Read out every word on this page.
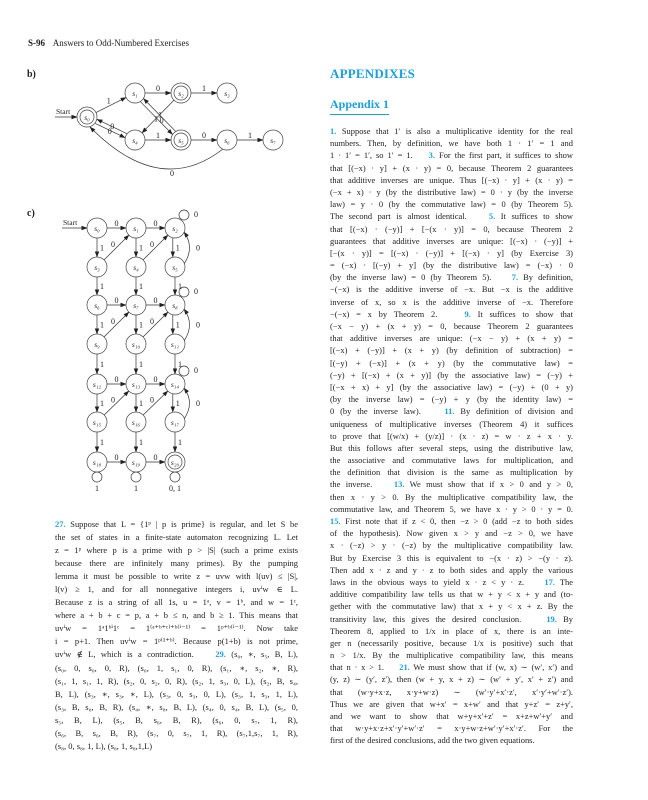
S-96 Answers to Odd-Numbered Exercises
b)
Start
1
0	1
1
1 0
0
0
1	0	1
0
s₀
s₁	s₂	s₃
s₄	s₅	s₆	s₇
c)
Start	0	0
0
1	1	1
0	0	0
1	1	1
0	0
0
1	1	1
0	0	0
1	1	1
0	0
0
1	1	1
0	0	0
1	1	1
0	0
1	1	0, 1
s₀	s₁	s₂
s₃	s₄	s₅
s₆	s₇	s₈
s₉	s₁₀	s₁₁
s₁₂	s₁₃	s₁₄
s₁₅	s₁₆	s₁₇
s₁₈	s₁₉	s₂₀
APPENDIXES
Appendix 1
27. Suppose that L = {1ᵖ | p is prime} is regular, and let S be
the set of states in a finite-state automaton recognizing L. Let
z = 1ᵖ where p is a prime with p > |S| (such a prime exists
because there are infinitely many primes). By the pumping
lemma it must be possible to write z = uvw with l(uv) ≤ |S|,
l(v) ≥ 1, and for all nonnegative integers i, uvⁱw ∈ L.
Because z is a string of all 1s, u = 1ᵃ, v = 1ᵇ, and w = 1ᶜ,
where a + b + c = p, a + b ≤ n, and b ≥ 1. This means that
uvⁱw = 1ᵃ1ᵇⁱ1ᶜ = 1⁽ᵃ⁺ᵇ⁺ᶜ⁾⁺ᵇ⁽ⁱ⁻¹⁾ = 1ᵖ⁺ᵇ⁽ⁱ⁻¹⁾. Now take
i = p+1. Then uvⁱw = 1ᵖ⁽¹⁺ᵇ⁾. Because p(1+b) is not prime,
uvⁱw ∉ L, which is a contradiction.    29. (s₀, ∗, s₅, B, L),
(s₀, 0, s₀, 0, R), (s₀, 1, s₁, 0, R), (s₁, ∗, s₂, ∗, R),
(s₁, 1, s₁, 1, R), (s₂, 0, s₂, 0, R), (s₂, 1, s₃, 0, L), (s₂, B, s₄,
B, L), (s₃, ∗, s₃, ∗, L), (s₃, 0, s₃, 0, L), (s₃, 1, s₃, 1, L),
(s₃, B, s₀, B, R), (s₄, ∗, s₈, B, L), (s₄, 0, s₄, B, L), (s₅, 0,
s₅, B, L), (s₅, B, s₆, B, R), (s₆, 0, s₇, 1, R),
(s₆, B, s₆, B, R), (s₇, 0, s₇, 1, R), (s₇,1,s₇, 1, R),
(s₈, 0, s₈, 1, L), (s₈, 1, s₈,1,L)
1. Suppose that 1′ is also a multiplicative identity for the real
numbers. Then, by definition, we have both 1 · 1′ = 1 and
1 · 1′ = 1′, so 1′ = 1.    3. For the first part, it suffices to show
that [(−x) · y] + (x · y) = 0, because Theorem 2 guarantees
that additive inverses are unique. Thus [(−x) · y] + (x · y) =
(−x + x) · y (by the distributive law) = 0 · y (by the inverse
law) = y · 0 (by the commutative law) = 0 (by Theorem 5).
The second part is almost identical.    5. It suffices to show
that [(−x) · (−y)] + [−(x · y)] = 0, because Theorem 2
guarantees that additive inverses are unique: [(−x) · (−y)] +
[−(x · y)] = [(−x) · (−y)] + [(−x) · y] (by Exercise 3)
= (−x) · [(−y) + y] (by the distributive law) = (−x) · 0
(by the inverse law) = 0 (by Theorem 5).    7. By definition,
−(−x) is the additive inverse of −x. But −x is the additive
inverse of x, so x is the additive inverse of −x. Therefore
−(−x) = x by Theorem 2.    9. It suffices to show that
(−x − y) + (x + y) = 0, because Theorem 2 guarantees
that additive inverses are unique: (−x − y) + (x + y) =
[(−x) + (−y)] + (x + y) (by definition of subtraction) =
[(−y) + (−x)] + (x + y) (by the commutative law) =
(−y) + [(−x) + (x + y)] (by the associative law) = (−y) +
[(−x + x) + y] (by the associative law) = (−y) + (0 + y)
(by the inverse law) = (−y) + y (by the identity law) =
0 (by the inverse law).    11. By definition of division and
uniqueness of multiplicative inverses (Theorem 4) it suffices
to prove that [(w/x) + (y/z)] · (x · z) = w · z + x · y.
But this follows after several steps, using the distributive law,
the associative and commutative laws for multiplication, and
the definition that division is the same as multiplication by
the inverse.    13. We must show that if x > 0 and y > 0,
then x · y > 0. By the multiplicative compatibility law, the
commutative law, and Theorem 5, we have x · y > 0 · y = 0.
15. First note that if z < 0, then −z > 0 (add −z to both sides
of the hypothesis). Now given x > y and −z > 0, we have
x · (−z) > y · (−z) by the multiplicative compatibility law.
But by Exercise 3 this is equivalent to −(x · z) > −(y · z).
Then add x · z and y · z to both sides and apply the various
laws in the obvious ways to yield x · z < y · z.    17. The
additive compatibility law tells us that w + y < x + y and (to-
gether with the commutative law) that x + y < x + z. By the
transitivity law, this gives the desired conclusion.    19. By
Theorem 8, applied to 1/x in place of x, there is an inte-
ger n (necessarily positive, because 1/x is positive) such that
n > 1/x. By the multiplicative compatibility law, this means
that n · x > 1.    21. We must show that if (w, x) ∼ (w′, x′) and
(y, z) ∼ (y′, z′), then (w + y, x + z) ∼ (w′ + y′, x′ + z′) and
that (w·y+x·z, x·y+w·z) ∼ (w′·y′+x′·z′, x′·y′+w′·z′).
Thus we are given that w+x′ = x+w′ and that y+z′ = z+y′,
and we want to show that w+y+x′+z′ = x+z+w′+y′ and
that w·y+x·z+x′·y′+w′·z′ = x·y+w·z+w′·y′+x′·z′. For the
first of the desired conclusions, add the two given equations.
